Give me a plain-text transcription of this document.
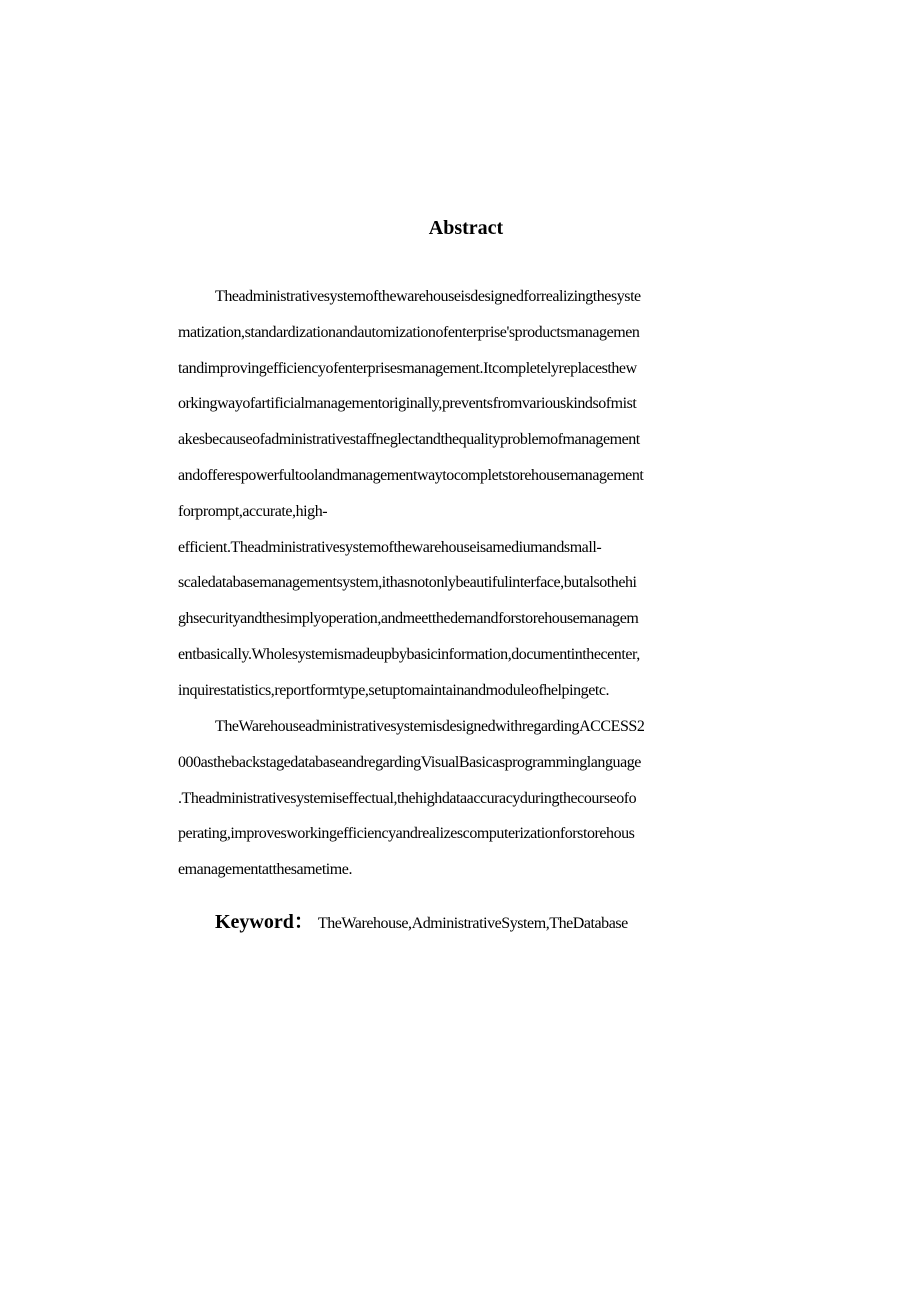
Abstract
Theadministrativesystemofthewarehouseisdesignedforrealizingthesyste
matization,standardizationandautomizationofenterprise'sproductsmanagemen
tandimprovingefficiencyofenterprisesmanagement.Itcompletelyreplacesthew
orkingwayofartificialmanagementoriginally,preventsfromvariouskindsofmist
akesbecauseofadministrativestaffneglectandthequalityproblemofmanagement
andofferespowerfultoolandmanagementwaytocompletstorehousemanagement
forprompt,accurate,high-
efficient.Theadministrativesystemofthewarehouseisamediumandsmall-
scaledatabasemanagementsystem,ithasnotonlybeautifulinterface,butalsothehi
ghsecurityandthesimplyoperation,andmeetthedemandforstorehousemanagem
entbasically.Wholesystemismadeupbybasicinformation,documentinthecenter,
inquirestatistics,reportformtype,setuptomaintainandmoduleofhelpingetc.
TheWarehouseadministrativesystemisdesignedwithregardingACCESS2
000asthebackstagedatabaseandregardingVisualBasicasprogramminglanguage
.Theadministrativesystemiseffectual,thehighdataaccuracyduringthecourseofo
perating,improvesworkingefficiencyandrealizescomputerizationforstorehous
emanagementatthesametime.
Keyword： TheWarehouse,AdministrativeSystem,TheDatabase
